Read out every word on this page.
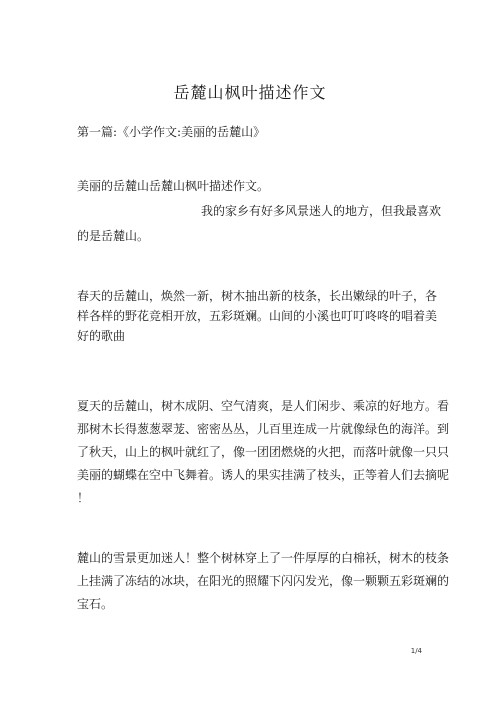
岳麓山枫叶描述作文
第一篇:《小学作文:美丽的岳麓山》
美丽的岳麓山岳麓山枫叶描述作文。
我的家乡有好多风景迷人的地方，但我最喜欢
的是岳麓山。
春天的岳麓山，焕然一新，树木抽出新的枝条，长出嫩绿的叶子，各
样各样的野花竞相开放，五彩斑斓。山间的小溪也叮叮咚咚的唱着美
好的歌曲
夏天的岳麓山，树木成阴、空气清爽，是人们闲步、乘凉的好地方。看
那树木长得葱葱翠茏、密密丛丛，儿百里连成一片就像绿色的海洋。到
了秋天，山上的枫叶就红了，像一团团燃烧的火把，而落叶就像一只只
美丽的蝴蝶在空中飞舞着。诱人的果实挂满了枝头，正等着人们去摘呢
！
麓山的雪景更加迷人！整个树林穿上了一件厚厚的白棉袄，树木的枝条
上挂满了冻结的冰块，在阳光的照耀下闪闪发光，像一颗颗五彩斑斓的
宝石。
1/4
